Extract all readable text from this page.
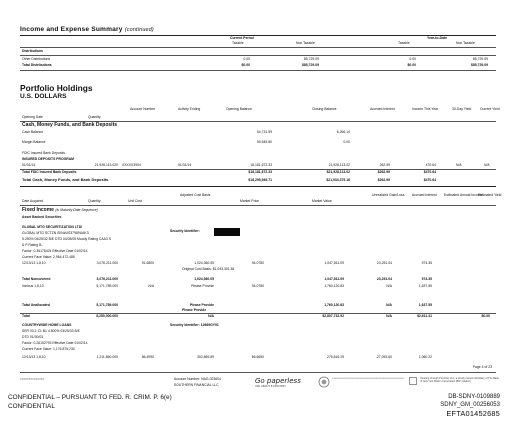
Income and Expense Summary (continued)
Current Period	Year-to-Date
Taxable	Non Taxable	Taxable	Non Taxable
Distributions
Other Distributions	0.00	85,729.09	0.00	85,729.09
Total Distributions	$0.00	$85,729.09	$0.00	$85,729.09
Portfolio Holdings
U.S. DOLLARS
Account Number	Activity Ending	Opening Balance	Closing Balance	Accrued Interest	Income This Year	30-Day Yield	Current Yield
Opening Date	Quantity
Cash, Money Funds, and Bank Deposits
Cash Balance	54,731.59	6,266.14
Margin Balance	59,545.80	0.00
FDIC Insured Bank Deposits
INSURED DEPOSITS PROGRAM
01/01/14	21,928,113.020 XXXXX3904	01/31/14	18,181,672.33	21,928,113.02	262.99	470.64	N/A	N/A
Total FDIC Insured Bank Deposits	$18,181,672.33	$21,928,113.02	$262.99	$470.64
Total Cash, Money Funds, and Bank Deposits	$18,295,949.71	$21,934,379.16	$262.99	$470.64
Adjusted Cost Basis	Unrealized Gain/Loss Accrued Interest Estimated Annual Income
Estimated Yield
Date Acquired	Quantity	Unit Cost	Market Price	Market Value
Fixed Income (In Maturity Date Sequence)
Asset Backed Securities
GLOBAL MTG SECURITIZATION LTD/
Security Identifier:
GLOBAL MTG SCTZN ISIN#US37989UAK3
5.250% 04/25/32 B/E DTD 04/28/05 Moody Rating CAA3 S
& P Rating B-
Factor: 0.36175424 Effective Date 01/02/14
Current Face Value: 2,964,472.485
12/13/13 1,8,10	3,076,211.000	91.6800	1,024,360.05	94.0780	1,047,811.09	23,251.04	974.35
Original Cost Basis: $1,043,301.84
Total Noncovered	3,076,211.000	1,024,360.05	1,047,811.09	23,251.04	974.35
Various 1,8,10	5,171,789.000	N/A	Please Provide	94.0780	1,760,120.83	N/A	1,637.55
Total Unallocated	5,171,789.000	Please Provide	1,760,120.83	N/A	1,637.55
Please Provide
Total	8,250,000.000	N/A	$2,807,732.92	N/A	$2,611.41	$0.00
COUNTRYWIDE HOME LOANS	Security Identifier: 12669GY91
SER 03-1 CL B1 4.500% 03/25/33 B/E
DTD 01/30/03
Factor: 0.26152793 Effective Date 01/02/14
Current Face Value: 1,176,875.230
12/13/13 1,8,10	1,211,860.000	86.4990	302,869.89	66.6650	275,816.29	-27,053.60	1,060.22
Page 4 of 23
XXXXXXXXXXXXXX	Account Number: NAG-023604
SOUTHERN FINANCIAL LLC	Go paperless
ASK ABOUT E-DELIVERY
▭▭▭▭▭▭▭▭▭▭▭▭▭▭▭▭▭▭▭▭▭▭▭▭▭▭▭▭▭▭▭▭	Clearing through Pershing LLC, a wholly owned subsidiary of The Bank of New York Mellon Corporation (BNY Mellon)
CONFIDENTIAL – PURSUANT TO FED. R. CRIM. P. 6(e)
CONFIDENTIAL
DB-SDNY-0109889
SDNY_GM_00256053
EFTA01452685
